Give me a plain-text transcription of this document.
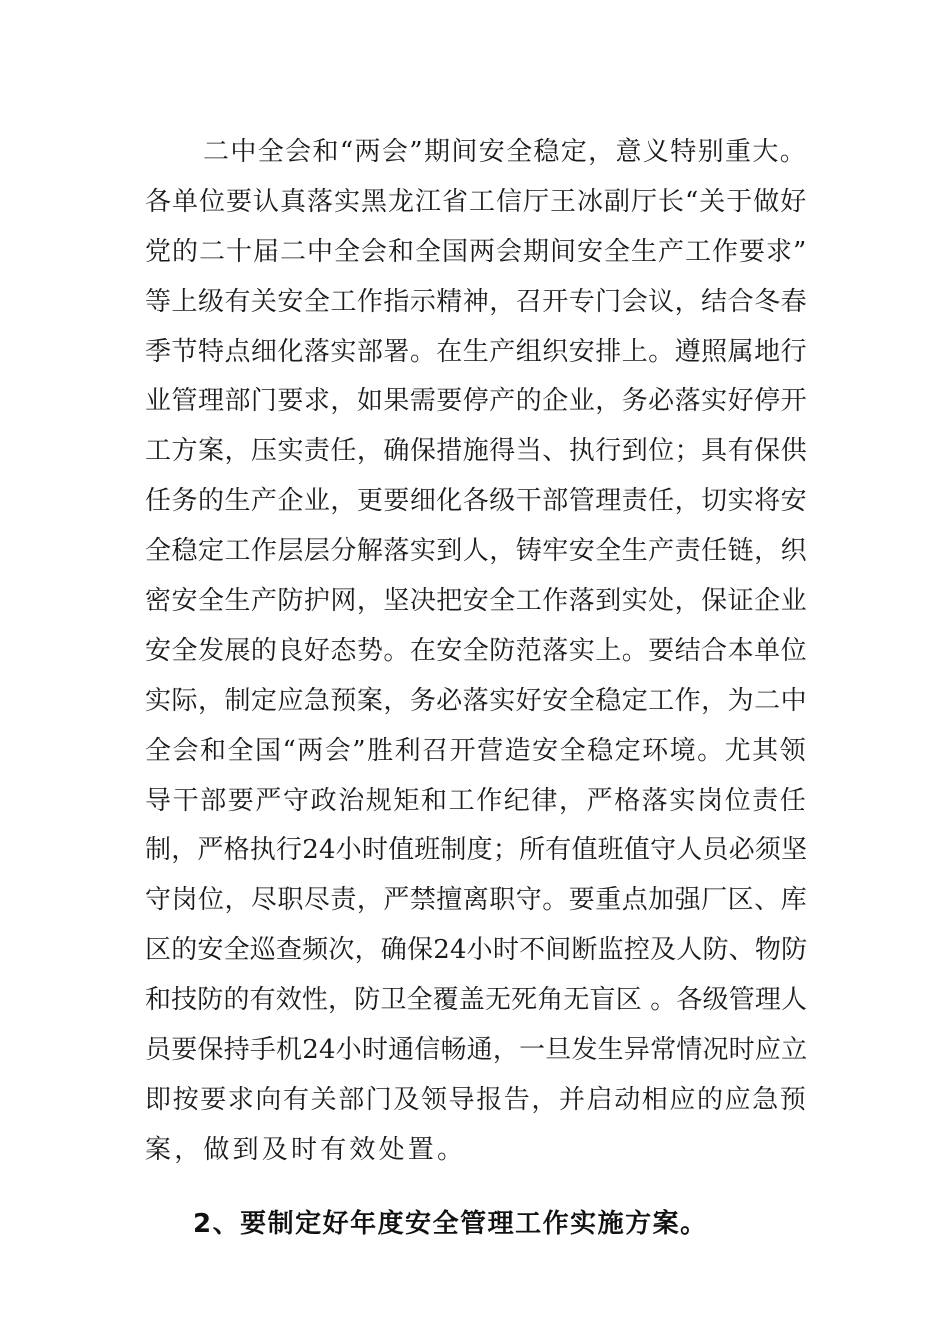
二中全会和“两会”期间安全稳定，意义特别重大。
各单位要认真落实黑龙江省工信厅王冰副厅长“关于做好
党的二十届二中全会和全国两会期间安全生产工作要求”
等上级有关安全工作指示精神，召开专门会议，结合冬春
季节特点细化落实部署。在生产组织安排上。遵照属地行
业管理部门要求，如果需要停产的企业，务必落实好停开
工方案，压实责任，确保措施得当、执行到位；具有保供
任务的生产企业，更要细化各级干部管理责任，切实将安
全稳定工作层层分解落实到人，铸牢安全生产责任链，织
密安全生产防护网，坚决把安全工作落到实处，保证企业
安全发展的良好态势。在安全防范落实上。要结合本单位
实际，制定应急预案，务必落实好安全稳定工作，为二中
全会和全国“两会”胜利召开营造安全稳定环境。尤其领
导干部要严守政治规矩和工作纪律，严格落实岗位责任
制，严格执行24小时值班制度；所有值班值守人员必须坚
守岗位，尽职尽责，严禁擅离职守。要重点加强厂区、库
区的安全巡查频次，确保24小时不间断监控及人防、物防
和技防的有效性，防卫全覆盖无死角无盲区 。各级管理人
员要保持手机24小时通信畅通，一旦发生异常情况时应立
即按要求向有关部门及领导报告，并启动相应的应急预
案，做到及时有效处置。
2、要制定好年度安全管理工作实施方案。
